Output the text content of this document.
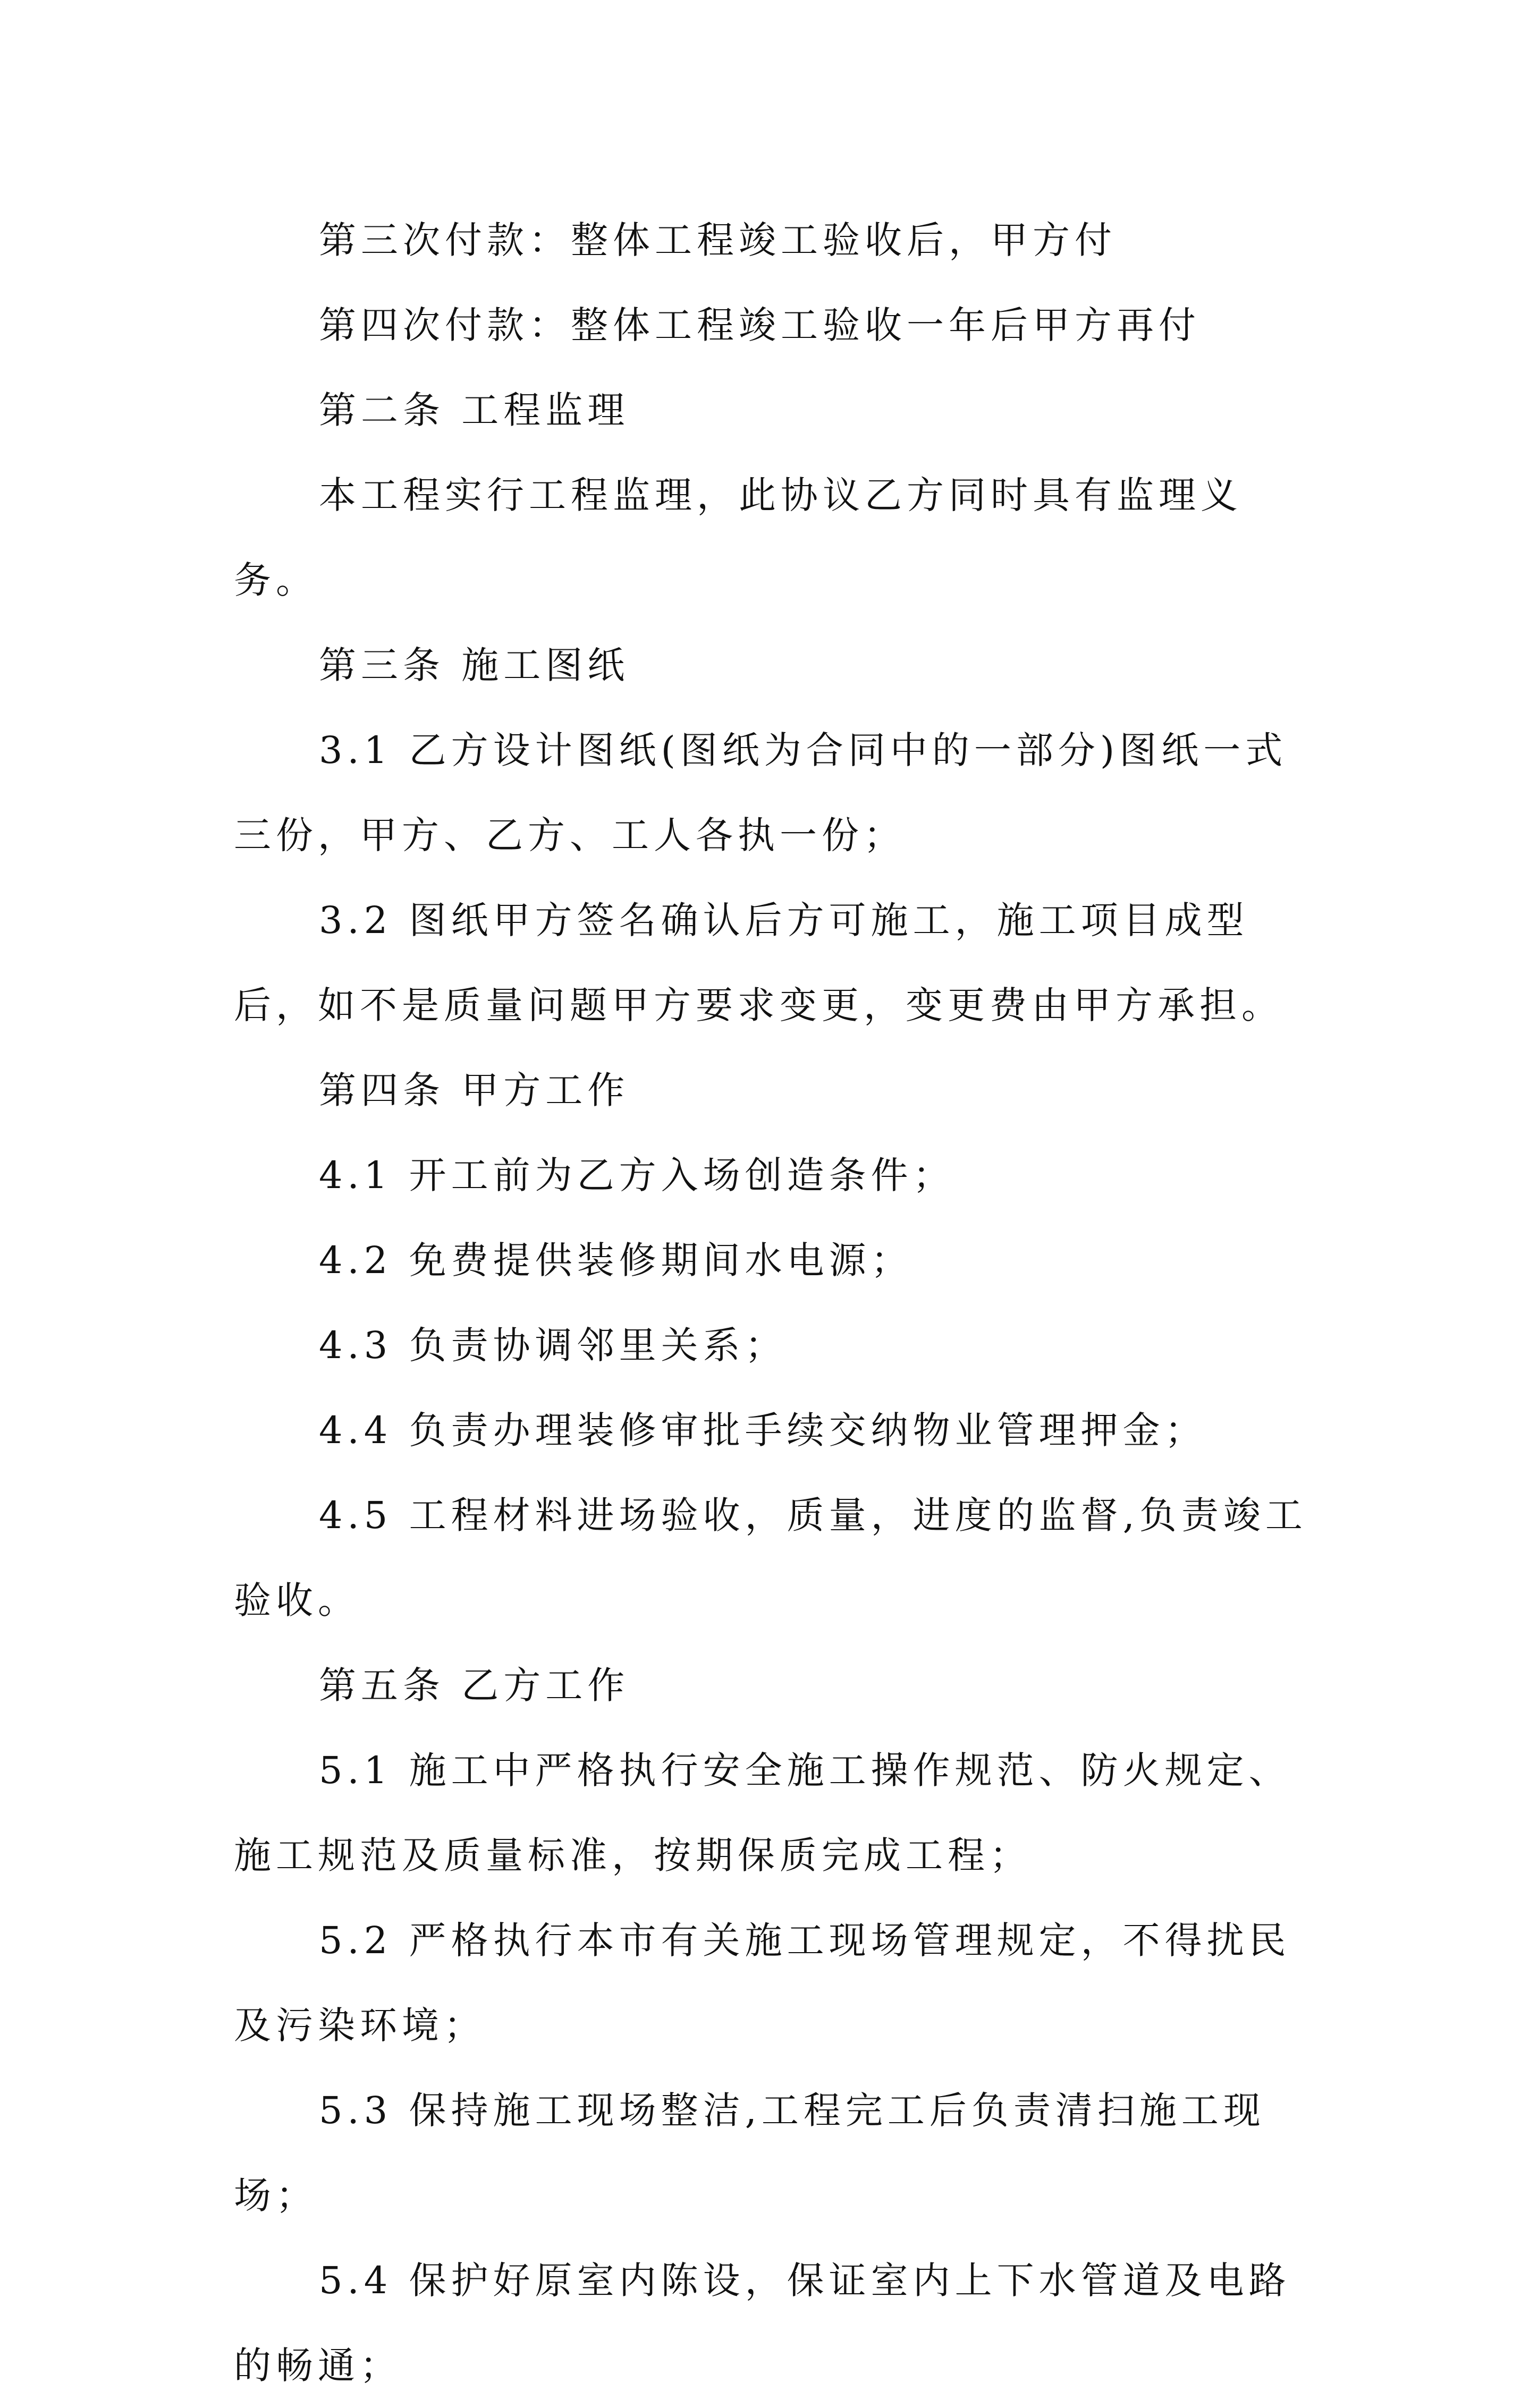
第三次付款：整体工程竣工验收后，甲方付

第四次付款：整体工程竣工验收一年后甲方再付

第二条 工程监理

本工程实行工程监理，此协议乙方同时具有监理义务。

第三条 施工图纸

3.1 乙方设计图纸(图纸为合同中的一部分)图纸一式三份，甲方、乙方、工人各执一份；

3.2 图纸甲方签名确认后方可施工，施工项目成型后，如不是质量问题甲方要求变更，变更费由甲方承担。

第四条 甲方工作

4.1 开工前为乙方入场创造条件；

4.2 免费提供装修期间水电源；

4.3 负责协调邻里关系；

4.4 负责办理装修审批手续交纳物业管理押金；

4.5 工程材料进场验收，质量，进度的监督,负责竣工验收。

第五条 乙方工作

5.1 施工中严格执行安全施工操作规范、防火规定、施工规范及质量标准，按期保质完成工程；

5.2 严格执行本市有关施工现场管理规定，不得扰民及污染环境；

5.3 保持施工现场整洁,工程完工后负责清扫施工现场；

5.4 保护好原室内陈设，保证室内上下水管道及电路的畅通；
